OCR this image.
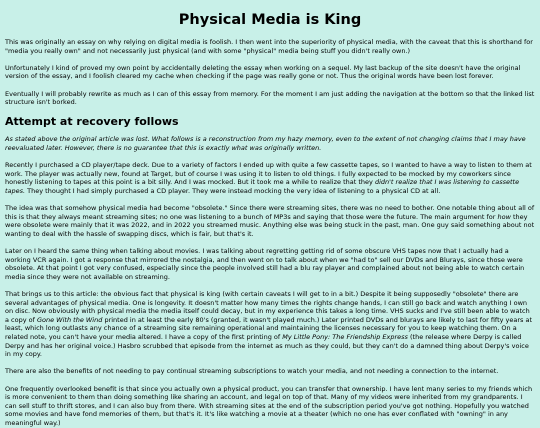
Physical Media is King

This was originally an essay on why relying on digital media is foolish. I then went into the superiority of physical media, with the caveat that this is shorthand for "media you really own" and not necessarily just physical (and with some "physical" media being stuff you didn't really own.)

Unfortunately I kind of proved my own point by accidentally deleting the essay when working on a sequel. My last backup of the site doesn't have the original version of the essay, and I foolish cleared my cache when checking if the page was really gone or not. Thus the original words have been lost forever.

Eventually I will probably rewrite as much as I can of this essay from memory. For the moment I am just adding the navigation at the bottom so that the linked list structure isn't borked.

Attempt at recovery follows

As stated above the original article was lost. What follows is a reconstruction from my hazy memory, even to the extent of not changing claims that I may have reevaluated later. However, there is no guarantee that this is exactly what was originally written.

Recently I purchased a CD player/tape deck. Due to a variety of factors I ended up with quite a few cassette tapes, so I wanted to have a way to listen to them at work. The player was actually new, found at Target, but of course I was using it to listen to old things. I fully expected to be mocked by my coworkers since honestly listening to tapes at this point is a bit silly. And I was mocked. But it took me a while to realize that they didn't realize that I was listening to cassette tapes. They thought I had simply purchased a CD player. They were instead mocking the very idea of listening to a physical CD at all.

The idea was that somehow physical media had become "obsolete." Since there were streaming sites, there was no need to bother. One notable thing about all of this is that they always meant streaming sites; no one was listening to a bunch of MP3s and saying that those were the future. The main argument for how they were obsolete were mainly that it was 2022, and in 2022 you streamed music. Anything else was being stuck in the past, man. One guy said something about not wanting to deal with the hassle of swapping discs, which is fair, but that's it.

Later on I heard the same thing when talking about movies. I was talking about regretting getting rid of some obscure VHS tapes now that I actually had a working VCR again. I got a response that mirrored the nostalgia, and then went on to talk about when we "had to" sell our DVDs and Blurays, since those were obsolete. At that point I got very confused, especially since the people involved still had a blu ray player and complained about not being able to watch certain media since they were not available on streaming.

That brings us to this article: the obvious fact that physical is king (with certain caveats I will get to in a bit.) Despite it being supposedly "obsolete" there are several advantages of physical media. One is longevity. It doesn't matter how many times the rights change hands, I can still go back and watch anything I own on disc. Now obviously with physical media the media itself could decay, but in my experience this takes a long time. VHS sucks and I've still been able to watch a copy of Gone With the Wind printed in at least the early 80's (granted, it wasn't played much.) Later printed DVDs and blurays are likely to last for fifty years at least, which long outlasts any chance of a streaming site remaining operational and maintaining the licenses necessary for you to keep watching them. On a related note, you can't have your media altered. I have a copy of the first printing of My Little Pony: The Friendship Express (the release where Derpy is called Derpy and has her original voice.) Hasbro scrubbed that episode from the internet as much as they could, but they can't do a damned thing about Derpy's voice in my copy.

There are also the benefits of not needing to pay continual streaming subscriptions to watch your media, and not needing a connection to the internet.

One frequently overlooked benefit is that since you actually own a physical product, you can transfer that ownership. I have lent many series to my friends which is more convenient to them than doing something like sharing an account, and legal on top of that. Many of my videos were inherited from my grandparents. I can sell stuff to thrift stores, and I can also buy from there. With streaming sites at the end of the subscription period you've got nothing. Hopefully you watched some movies and have fond memories of them, but that's it. It's like watching a movie at a theater (which no one has ever conflated with "owning" in any meaningful way.)
